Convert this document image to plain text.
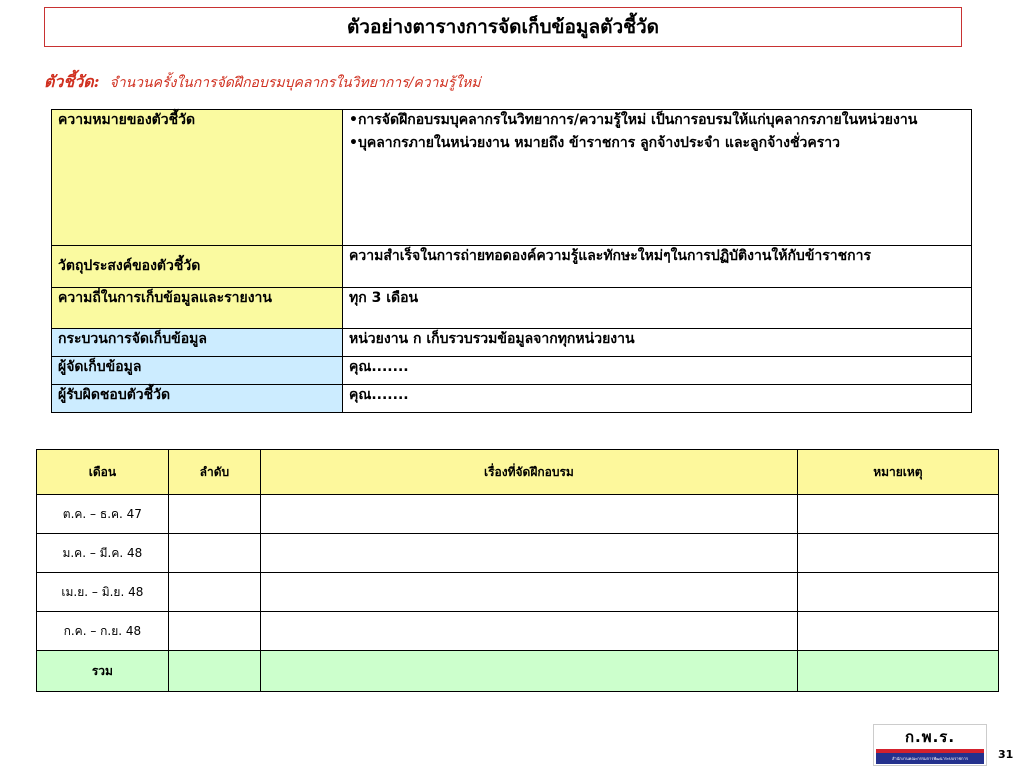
ตัวอย่างตารางการจัดเก็บข้อมูลตัวชี้วัด
ตัวชี้วัด: จำนวนครั้งในการจัดฝึกอบรมบุคลากรในวิทยาการ/ความรู้ใหม่
ความหมายของตัวชี้วัด	•การจัดฝึกอบรมบุคลากรในวิทยาการ/ความรู้ใหม่ เป็นการอบรมให้แก่บุคลากรภายในหน่วยงาน

•บุคลากรภายในหน่วยงาน หมายถึง ข้าราชการ ลูกจ้างประจำ และลูกจ้างชั่วคราว

วัตถุประสงค์ของตัวชี้วัด	ความสำเร็จในการถ่ายทอดองค์ความรู้และทักษะใหม่ๆในการปฏิบัติงานให้กับข้าราชการ
ความถี่ในการเก็บข้อมูลและรายงาน	ทุก 3 เดือน
กระบวนการจัดเก็บข้อมูล	หน่วยงาน ก เก็บรวบรวมข้อมูลจากทุกหน่วยงาน
ผู้จัดเก็บข้อมูล	คุณ.......
ผู้รับผิดชอบตัวชี้วัด	คุณ.......
เดือน	ลำดับ	เรื่องที่จัดฝึกอบรม	หมายเหตุ
ต.ค. – ธ.ค. 47			
ม.ค. – มี.ค. 48			
เม.ย. – มิ.ย. 48			
ก.ค. – ก.ย. 48			
รวม			
ก.พ.ร.
สำนักงานคณะกรรมการพัฒนาระบบราชการ	31
